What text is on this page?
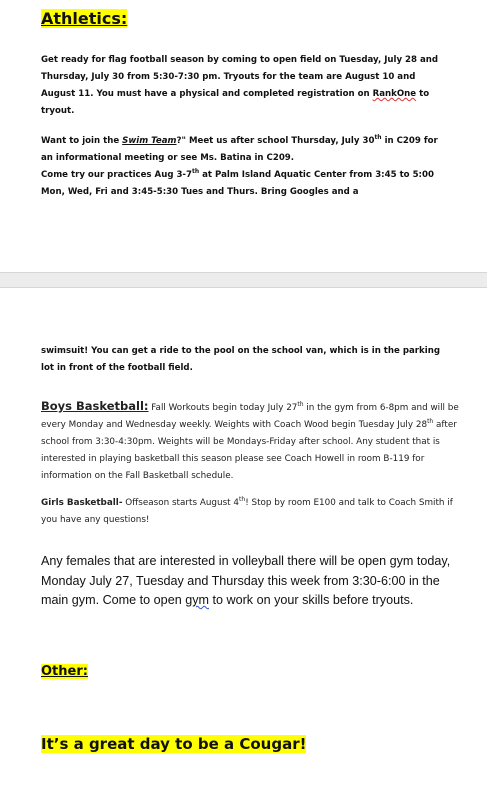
Athletics:
Get ready for flag football season by coming to open field on Tuesday, July 28 and Thursday, July 30 from 5:30-7:30 pm. Tryouts for the team are August 10 and August 11. You must have a physical and completed registration on RankOne to tryout.

Want to join the Swim Team?" Meet us after school Thursday, July 30th in C209 for an informational meeting or see Ms. Batina in C209.

Come try our practices Aug 3-7th at Palm Island Aquatic Center from 3:45 to 5:00 Mon, Wed, Fri and 3:45-5:30 Tues and Thurs. Bring Googles and a

swimsuit! You can get a ride to the pool on the school van, which is in the parking lot in front of the football field.
Boys Basketball: Fall Workouts begin today July 27th in the gym from 6-8pm and will be every Monday and Wednesday weekly. Weights with Coach Wood begin Tuesday July 28th after school from 3:30-4:30pm. Weights will be Mondays-Friday after school. Any student that is interested in playing basketball this season please see Coach Howell in room B-119 for information on the Fall Basketball schedule.
Girls Basketball- Offseason starts August 4th! Stop by room E100 and talk to Coach Smith if you have any questions!
Any females that are interested in volleyball there will be open gym today, Monday July 27, Tuesday and Thursday this week from 3:30-6:00 in the main gym. Come to open gym to work on your skills before tryouts.
Other:
It’s a great day to be a Cougar!
